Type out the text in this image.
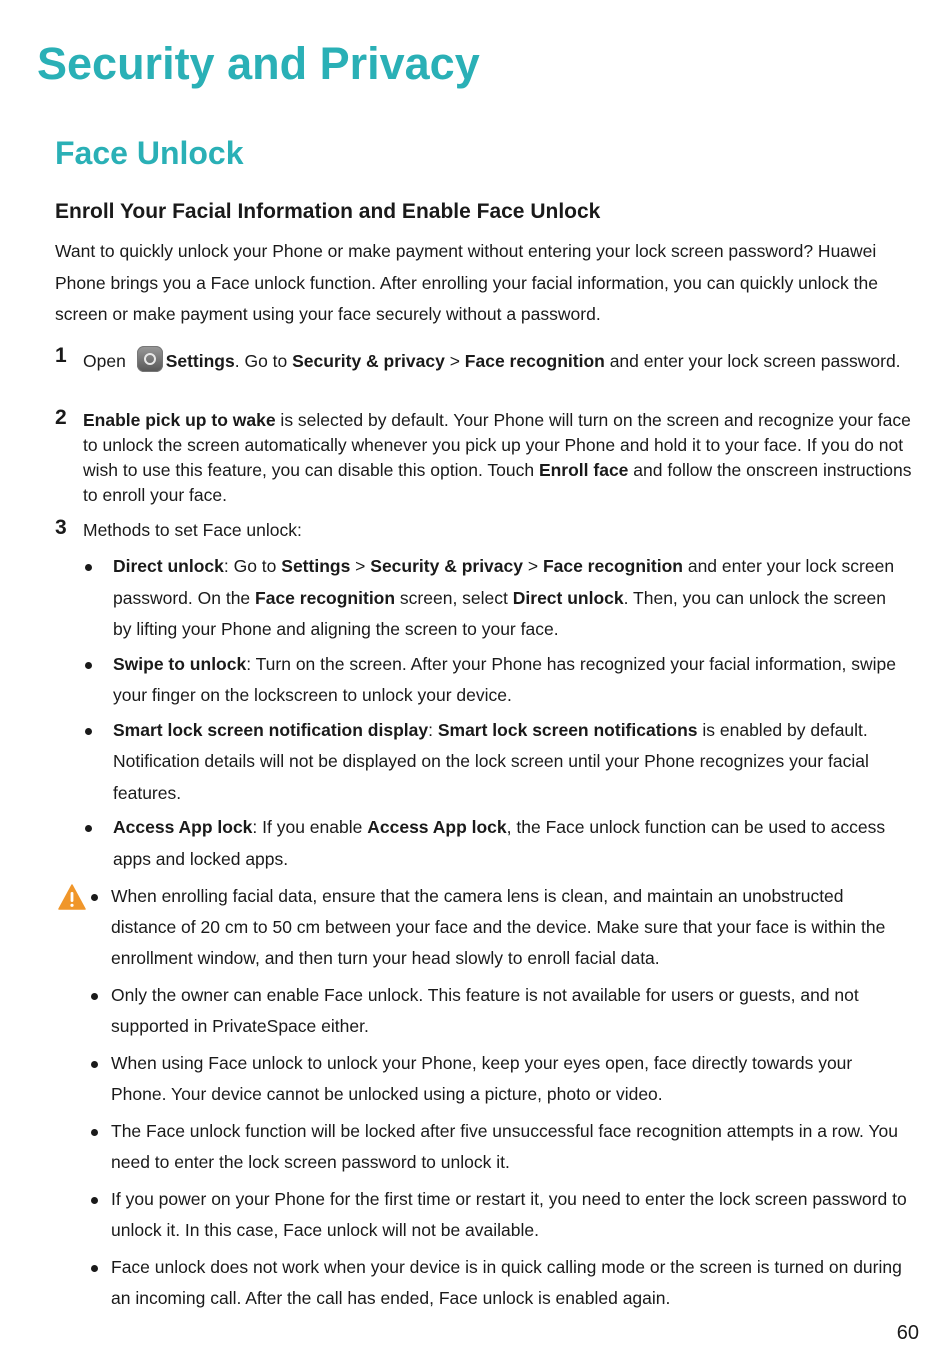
Security and Privacy
Face Unlock
Enroll Your Facial Information and Enable Face Unlock

Want to quickly unlock your Phone or make payment without entering your lock screen password? Huawei Phone brings you a Face unlock function. After enrolling your facial information, you can quickly unlock the screen or make payment using your face securely without a password.

1 Open Settings. Go to Security & privacy > Face recognition and enter your lock screen password.
2 Enable pick up to wake is selected by default. Your Phone will turn on the screen and recognize your face to unlock the screen automatically whenever you pick up your Phone and hold it to your face. If you do not wish to use this feature, you can disable this option. Touch Enroll face and follow the onscreen instructions to enroll your face.
3 Methods to set Face unlock:
Direct unlock: Go to Settings > Security & privacy > Face recognition and enter your lock screen password. On the Face recognition screen, select Direct unlock. Then, you can unlock the screen by lifting your Phone and aligning the screen to your face.
Swipe to unlock: Turn on the screen. After your Phone has recognized your facial information, swipe your finger on the lockscreen to unlock your device.
Smart lock screen notification display: Smart lock screen notifications is enabled by default. Notification details will not be displayed on the lock screen until your Phone recognizes your facial features.
Access App lock: If you enable Access App lock, the Face unlock function can be used to access apps and locked apps.
When enrolling facial data, ensure that the camera lens is clean, and maintain an unobstructed distance of 20 cm to 50 cm between your face and the device. Make sure that your face is within the enrollment window, and then turn your head slowly to enroll facial data.
Only the owner can enable Face unlock. This feature is not available for users or guests, and not supported in PrivateSpace either.
When using Face unlock to unlock your Phone, keep your eyes open, face directly towards your Phone. Your device cannot be unlocked using a picture, photo or video.
The Face unlock function will be locked after five unsuccessful face recognition attempts in a row. You need to enter the lock screen password to unlock it.
If you power on your Phone for the first time or restart it, you need to enter the lock screen password to unlock it. In this case, Face unlock will not be available.
Face unlock does not work when your device is in quick calling mode or the screen is turned on during an incoming call. After the call has ended, Face unlock is enabled again.
60
